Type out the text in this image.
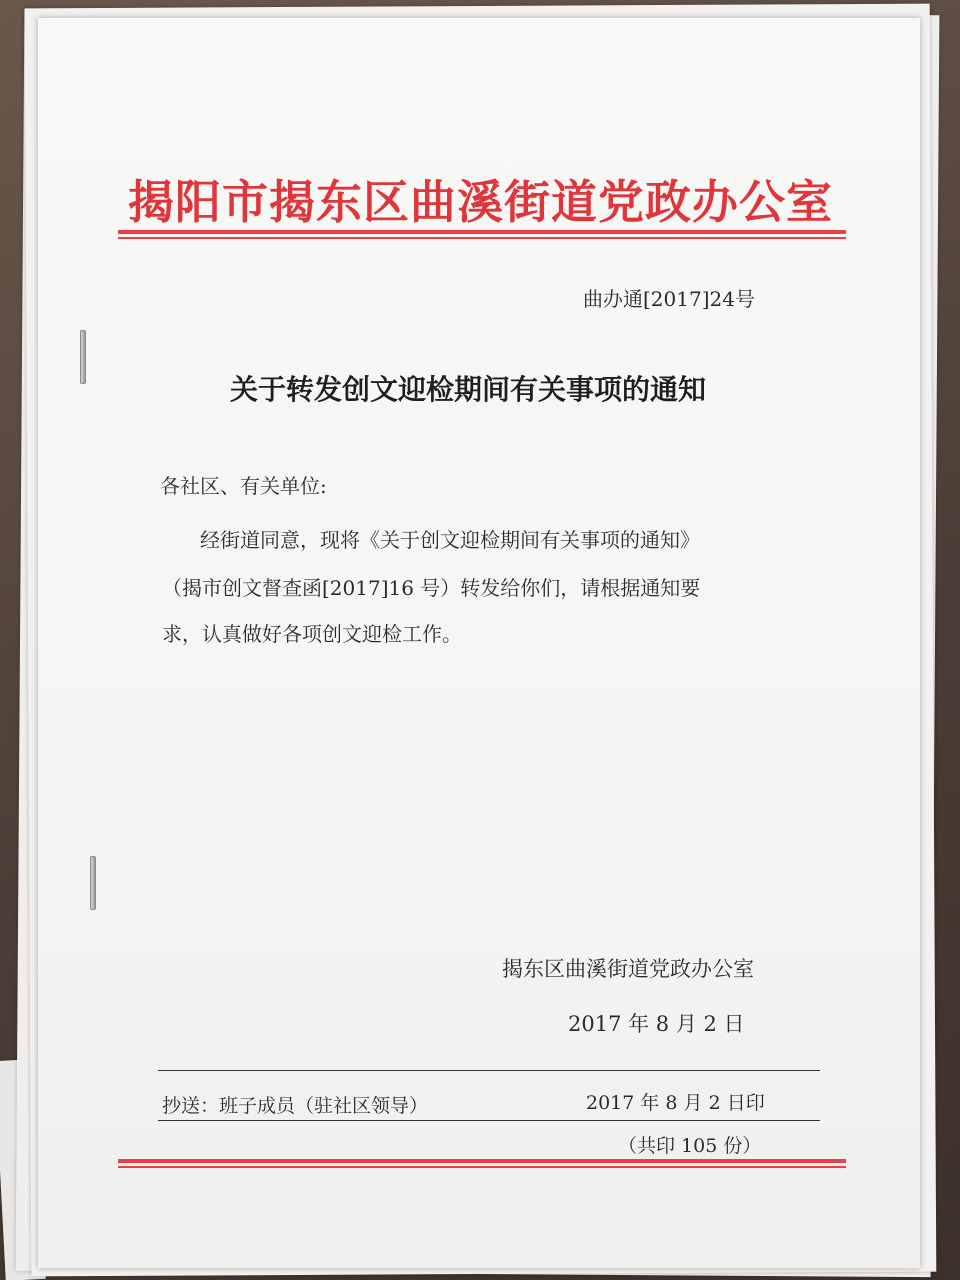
揭阳市揭东区曲溪街道党政办公室
曲办通[2017]24号
关于转发创文迎检期间有关事项的通知
各社区、有关单位:
经街道同意，现将《关于创文迎检期间有关事项的通知》
（揭市创文督查函[2017]16 号）转发给你们，请根据通知要
求，认真做好各项创文迎检工作。
揭东区曲溪街道党政办公室
2017 年 8 月 2 日
抄送：班子成员（驻社区领导）	2017 年 8 月 2 日印
（共印 105 份）
